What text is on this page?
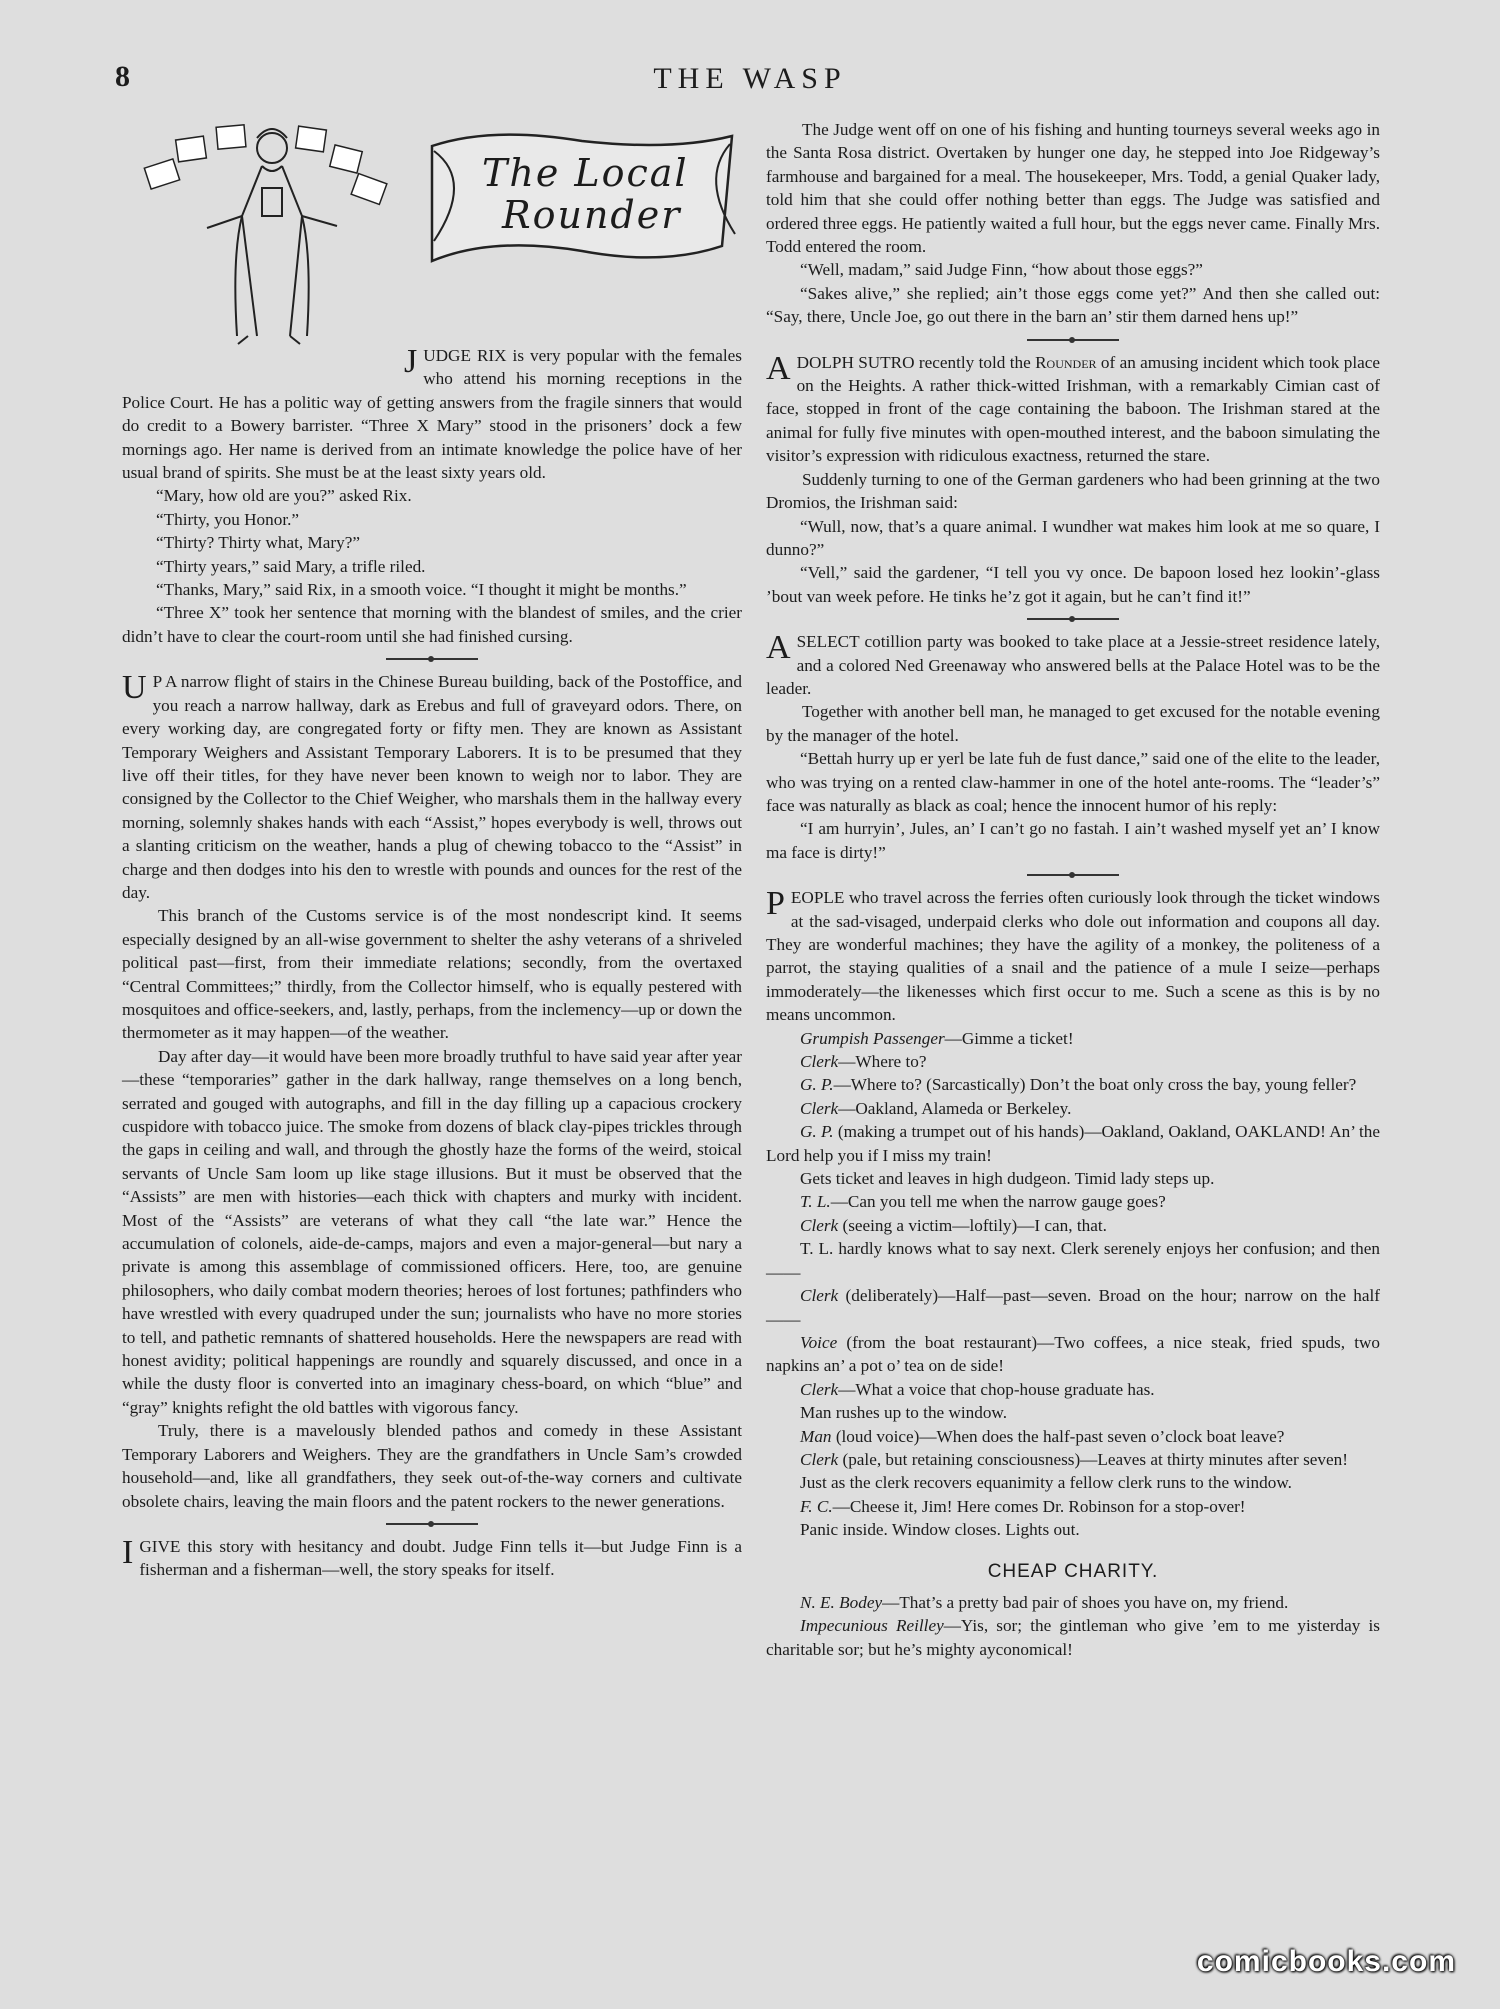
8	THE WASP
The Local
Rounder

JUDGE RIX is very popular with the females who attend his morning receptions in the Police Court. He has a politic way of getting answers from the fragile sinners that would do credit to a Bowery barrister. “Three X Mary” stood in the prisoners’ dock a few mornings ago. Her name is derived from an intimate knowledge the police have of her usual brand of spirits. She must be at the least sixty years old.

“Mary, how old are you?” asked Rix.

“Thirty, you Honor.”

“Thirty? Thirty what, Mary?”

“Thirty years,” said Mary, a trifle riled.

“Thanks, Mary,” said Rix, in a smooth voice. “I thought it might be months.”

“Three X” took her sentence that morning with the blandest of smiles, and the crier didn’t have to clear the court-room until she had finished cursing.

U P A narrow flight of stairs in the Chinese Bureau building, back of the Postoffice, and you reach a narrow hallway, dark as Erebus and full of graveyard odors. There, on every working day, are congregated forty or fifty men. They are known as Assistant Temporary Weighers and Assistant Temporary Laborers. It is to be presumed that they live off their titles, for they have never been known to weigh nor to labor. They are consigned by the Collector to the Chief Weigher, who marshals them in the hallway every morning, solemnly shakes hands with each “Assist,” hopes everybody is well, throws out a slanting criticism on the weather, hands a plug of chewing tobacco to the “Assist” in charge and then dodges into his den to wrestle with pounds and ounces for the rest of the day.

This branch of the Customs service is of the most nondescript kind. It seems especially designed by an all-wise government to shelter the ashy veterans of a shriveled political past—first, from their immediate relations; secondly, from the overtaxed “Central Committees;” thirdly, from the Collector himself, who is equally pestered with mosquitoes and office-seekers, and, lastly, perhaps, from the inclemency—up or down the thermometer as it may happen—of the weather.

Day after day—it would have been more broadly truthful to have said year after year—these “temporaries” gather in the dark hallway, range themselves on a long bench, serrated and gouged with autographs, and fill in the day filling up a capacious crockery cuspidore with tobacco juice. The smoke from dozens of black clay-pipes trickles through the gaps in ceiling and wall, and through the ghostly haze the forms of the weird, stoical servants of Uncle Sam loom up like stage illusions. But it must be observed that the “Assists” are men with histories—each thick with chapters and murky with incident. Most of the “Assists” are veterans of what they call “the late war.” Hence the accumulation of colonels, aide-de-camps, majors and even a major-general—but nary a private is among this assemblage of commissioned officers. Here, too, are genuine philosophers, who daily combat modern theories; heroes of lost fortunes; pathfinders who have wrestled with every quadruped under the sun; journalists who have no more stories to tell, and pathetic remnants of shattered households. Here the newspapers are read with honest avidity; political happenings are roundly and squarely discussed, and once in a while the dusty floor is converted into an imaginary chess-board, on which “blue” and “gray” knights refight the old battles with vigorous fancy.

Truly, there is a mavelously blended pathos and comedy in these Assistant Temporary Laborers and Weighers. They are the grandfathers in Uncle Sam’s crowded household—and, like all grandfathers, they seek out-of-the-way corners and cultivate obsolete chairs, leaving the main floors and the patent rockers to the newer generations.

I GIVE this story with hesitancy and doubt. Judge Finn tells it—but Judge Finn is a fisherman and a fisherman—well, the story speaks for itself.

The Judge went off on one of his fishing and hunting tourneys several weeks ago in the Santa Rosa district. Overtaken by hunger one day, he stepped into Joe Ridgeway’s farmhouse and bargained for a meal. The housekeeper, Mrs. Todd, a genial Quaker lady, told him that she could offer nothing better than eggs. The Judge was satisfied and ordered three eggs. He patiently waited a full hour, but the eggs never came. Finally Mrs. Todd entered the room.

“Well, madam,” said Judge Finn, “how about those eggs?”

“Sakes alive,” she replied; ain’t those eggs come yet?” And then she called out: “Say, there, Uncle Joe, go out there in the barn an’ stir them darned hens up!”

ADOLPH SUTRO recently told the Rounder of an amusing incident which took place on the Heights. A rather thick-witted Irishman, with a remarkably Cimian cast of face, stopped in front of the cage containing the baboon. The Irishman stared at the animal for fully five minutes with open-mouthed interest, and the baboon simulating the visitor’s expression with ridiculous exactness, returned the stare.

Suddenly turning to one of the German gardeners who had been grinning at the two Dromios, the Irishman said:

“Wull, now, that’s a quare animal. I wundher wat makes him look at me so quare, I dunno?”

“Vell,” said the gardener, “I tell you vy once. De bapoon losed hez lookin’-glass ’bout van week pefore. He tinks he’z got it again, but he can’t find it!”

A SELECT cotillion party was booked to take place at a Jessie-street residence lately, and a colored Ned Greenaway who answered bells at the Palace Hotel was to be the leader.

Together with another bell man, he managed to get excused for the notable evening by the manager of the hotel.

“Bettah hurry up er yerl be late fuh de fust dance,” said one of the elite to the leader, who was trying on a rented claw-hammer in one of the hotel ante-rooms. The “leader’s” face was naturally as black as coal; hence the innocent humor of his reply:

“I am hurryin’, Jules, an’ I can’t go no fastah. I ain’t washed myself yet an’ I know ma face is dirty!”

PEOPLE who travel across the ferries often curiously look through the ticket windows at the sad-visaged, underpaid clerks who dole out information and coupons all day. They are wonderful machines; they have the agility of a monkey, the politeness of a parrot, the staying qualities of a snail and the patience of a mule I seize—perhaps immoderately—the likenesses which first occur to me. Such a scene as this is by no means uncommon.

Grumpish Passenger—Gimme a ticket!

Clerk—Where to?

G. P.—Where to? (Sarcastically) Don’t the boat only cross the bay, young feller?

Clerk—Oakland, Alameda or Berkeley.

G. P. (making a trumpet out of his hands)—Oakland, Oakland, OAKLAND! An’ the Lord help you if I miss my train!

Gets ticket and leaves in high dudgeon. Timid lady steps up.

T. L.—Can you tell me when the narrow gauge goes?

Clerk (seeing a victim—loftily)—I can, that.

T. L. hardly knows what to say next. Clerk serenely enjoys her confusion; and then——

Clerk (deliberately)—Half—past—seven. Broad on the hour; narrow on the half——

Voice (from the boat restaurant)—Two coffees, a nice steak, fried spuds, two napkins an’ a pot o’ tea on de side!

Clerk—What a voice that chop-house graduate has.

Man rushes up to the window.

Man (loud voice)—When does the half-past seven o’clock boat leave?

Clerk (pale, but retaining consciousness)—Leaves at thirty minutes after seven!

Just as the clerk recovers equanimity a fellow clerk runs to the window.

F. C.—Cheese it, Jim! Here comes Dr. Robinson for a stop-over!

Panic inside. Window closes. Lights out.

CHEAP CHARITY.

N. E. Bodey—That’s a pretty bad pair of shoes you have on, my friend.

Impecunious Reilley—Yis, sor; the gintleman who give ’em to me yisterday is charitable sor; but he’s mighty ayconomical!

comicbooks.com
